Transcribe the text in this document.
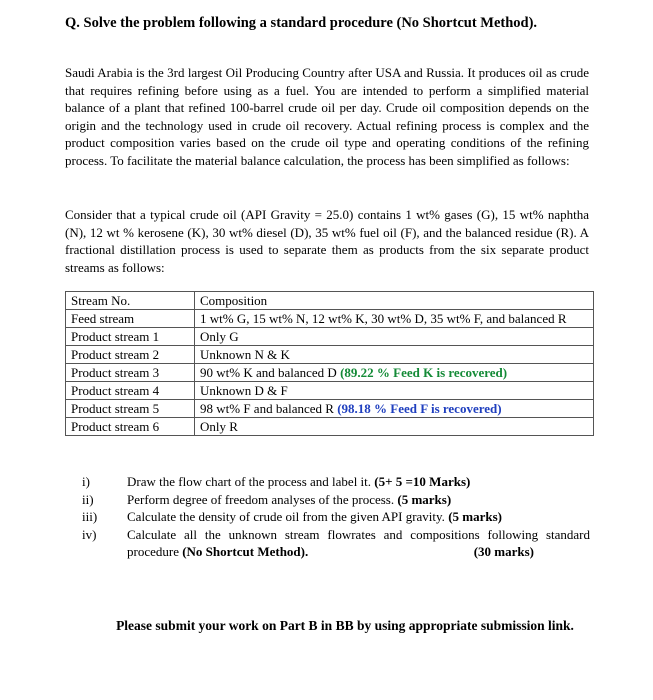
Q. Solve the problem following a standard procedure (No Shortcut Method).

Saudi Arabia is the 3rd largest Oil Producing Country after USA and Russia. It produces oil as crude that requires refining before using as a fuel. You are intended to perform a simplified material balance of a plant that refined 100-barrel crude oil per day. Crude oil composition depends on the origin and the technology used in crude oil recovery. Actual refining process is complex and the product composition varies based on the crude oil type and operating conditions of the refining process. To facilitate the material balance calculation, the process has been simplified as follows:

Consider that a typical crude oil (API Gravity = 25.0) contains 1 wt% gases (G), 15 wt% naphtha (N), 12 wt % kerosene (K), 30 wt% diesel (D), 35 wt% fuel oil (F), and the balanced residue (R). A fractional distillation process is used to separate them as products from the six separate product streams as follows:

Stream No.	Composition
Feed stream	1 wt% G, 15 wt% N, 12 wt% K, 30 wt% D, 35 wt% F, and balanced R
Product stream 1	Only G
Product stream 2	Unknown N & K
Product stream 3	90 wt% K and balanced D (89.22 % Feed K is recovered)
Product stream 4	Unknown D & F
Product stream 5	98 wt% F and balanced R (98.18 % Feed F is recovered)
Product stream 6	Only R
i)	Draw the flow chart of the process and label it. (5+ 5 =10 Marks)
ii)	Perform degree of freedom analyses of the process. (5 marks)
iii) Calculate the density of crude oil from the given API gravity. (5 marks)
iv) Calculate all the unknown stream flowrates and compositions following standard procedure (No Shortcut Method).	(30 marks)
Please submit your work on Part B in BB by using appropriate submission link.
